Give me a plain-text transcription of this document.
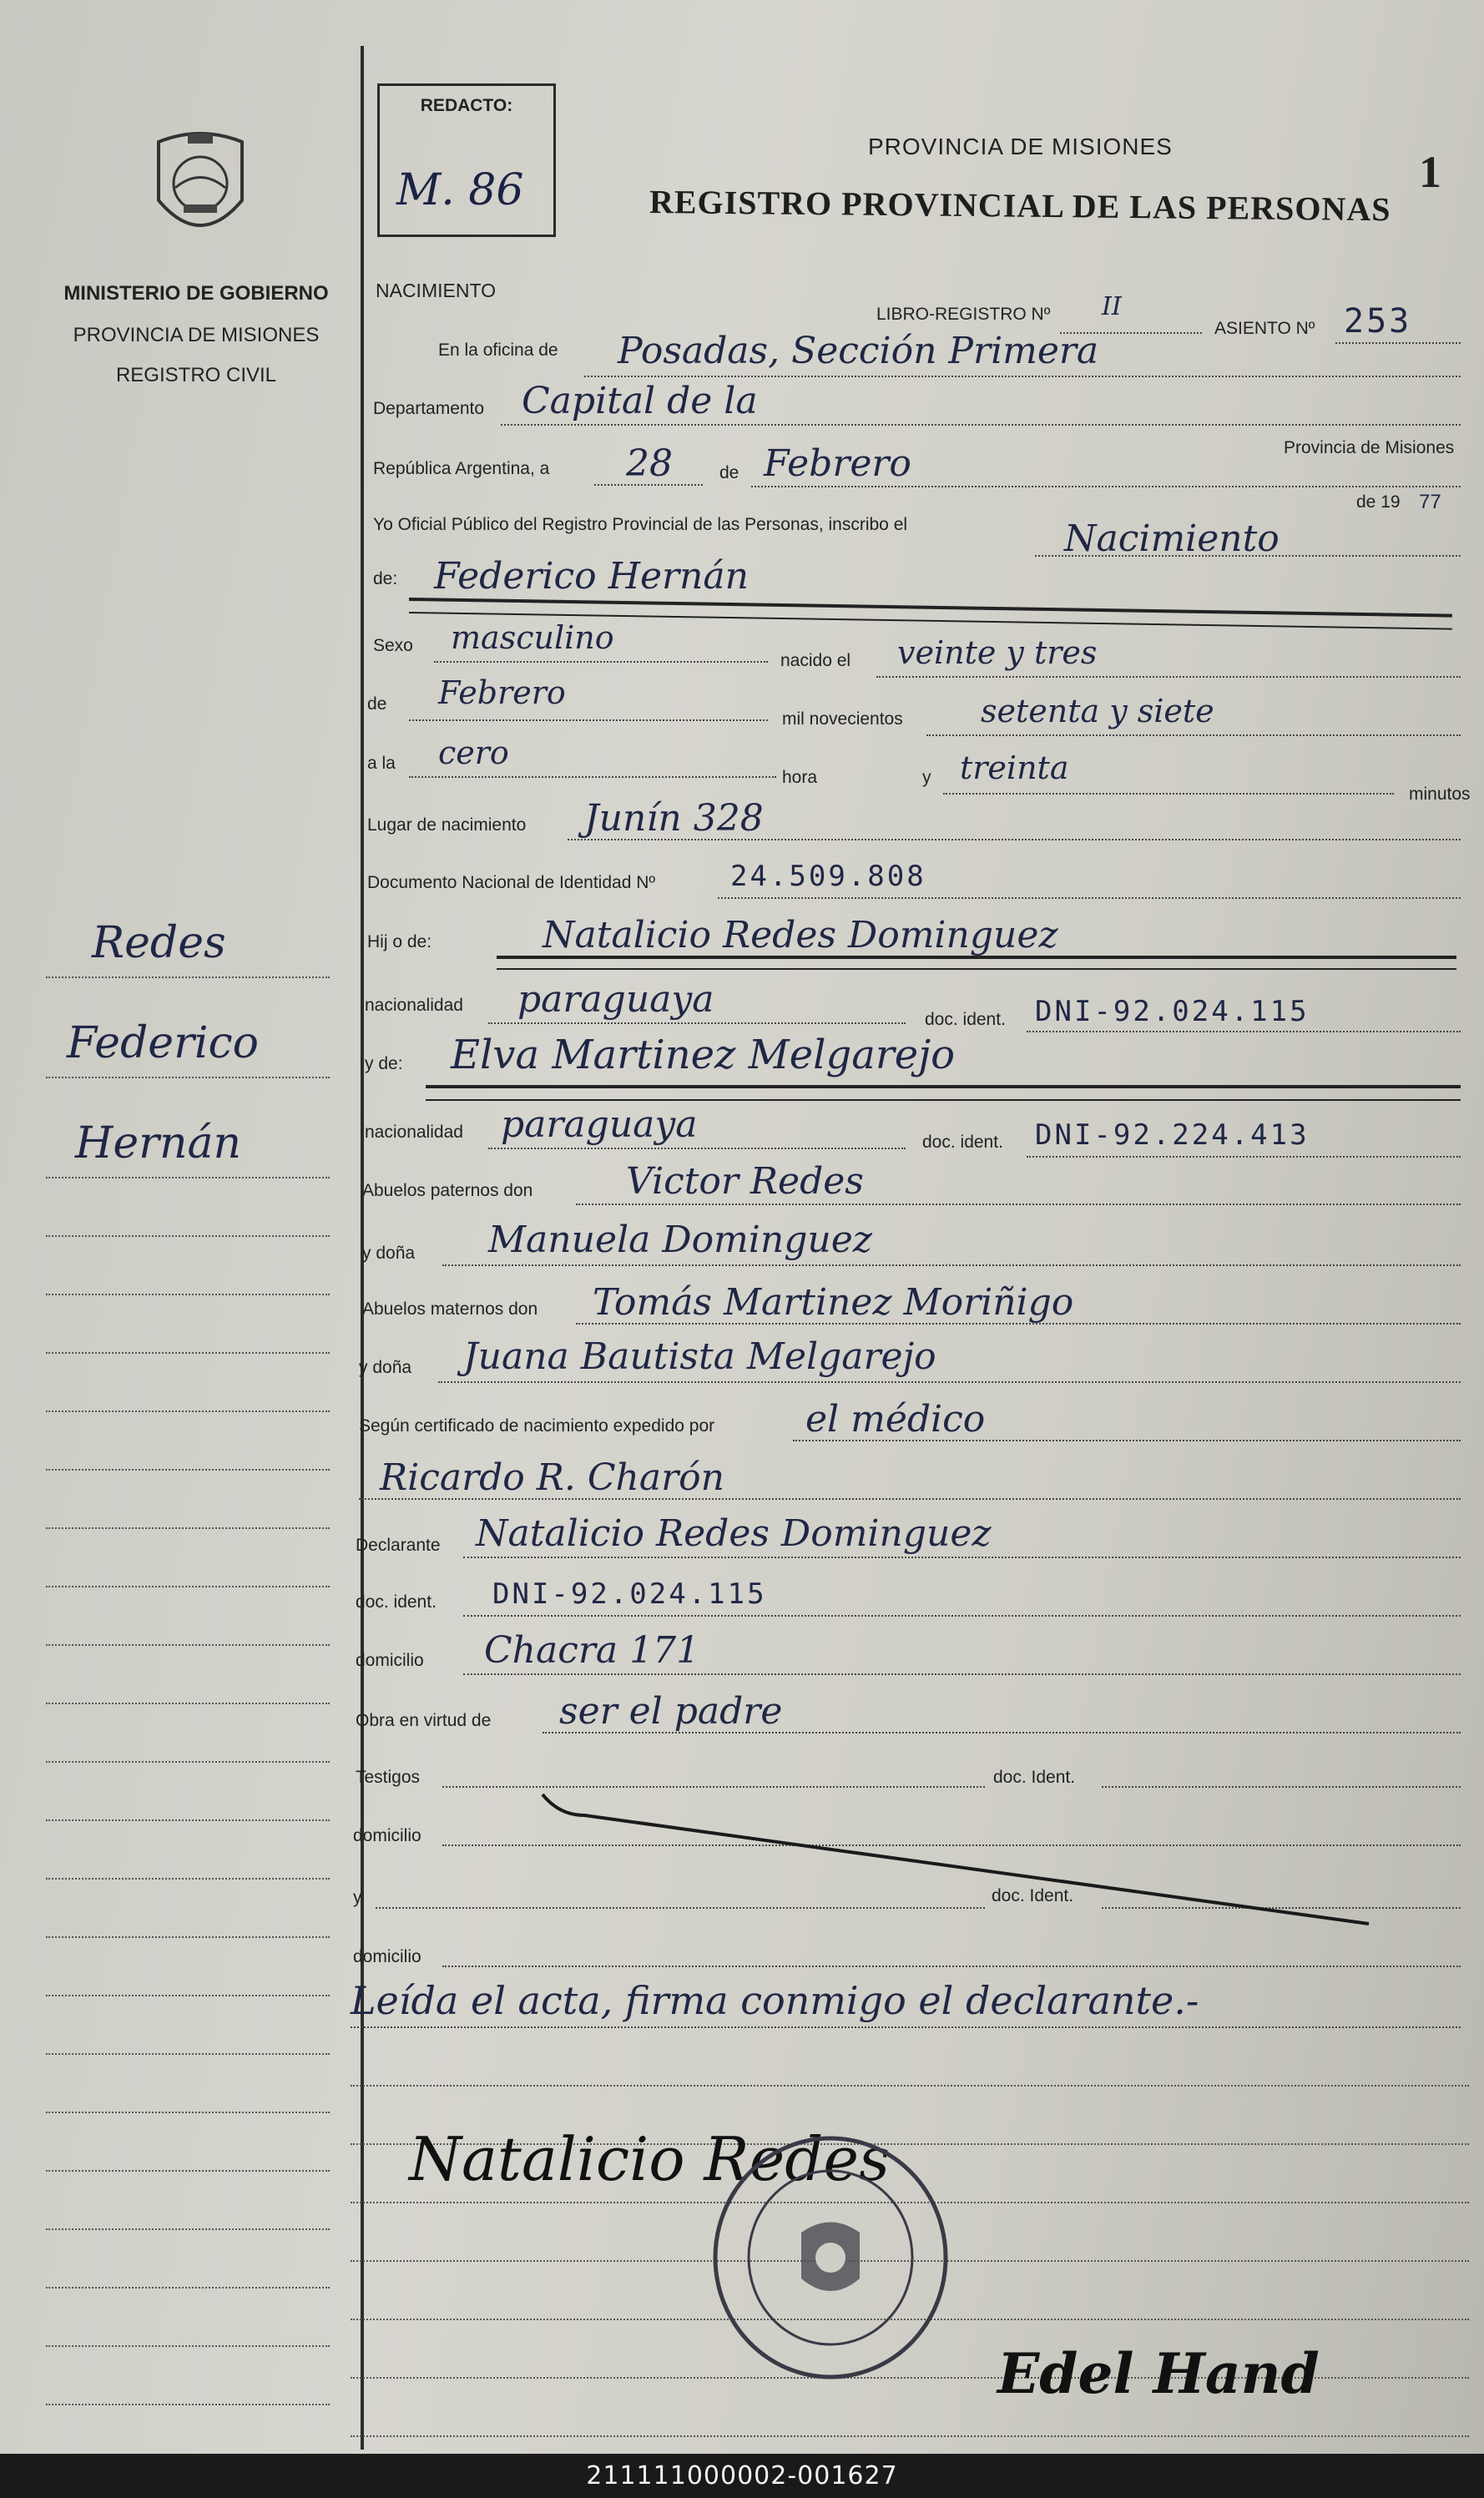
MINISTERIO DE GOBIERNO
PROVINCIA DE MISIONES
REGISTRO CIVIL
Redes
Federico
Hernán
REDACTO:
M. 86
PROVINCIA DE MISIONES
REGISTRO PROVINCIAL DE LAS PERSONAS
1
NACIMIENTO
LIBRO-REGISTRO Nº II
ASIENTO Nº 253
En la oficina de Posadas, Sección Primera
Departamento Capital de la
Provincia de Misiones
República Argentina, a 28	de Febrero
de 19 77
Yo Oficial Público del Registro Provincial de las Personas, inscribo el	Nacimiento
de: Federico Hernán
Sexo masculino
nacido el veinte y tres
de Febrero
mil novecientos setenta y siete
a la cero
hora	y treinta
minutos
Lugar de nacimiento Junín 328
Documento Nacional de Identidad Nº	24.509.808
Hij o de:	Natalicio Redes Dominguez
nacionalidad paraguaya	doc. ident. DNI-92.024.115
y de: Elva Martinez Melgarejo
nacionalidad paraguaya	doc. ident. DNI-92.224.413
Abuelos paternos don	Victor Redes
y doña Manuela Dominguez
Abuelos maternos don Tomás Martinez Moriñigo
y doña Juana Bautista Melgarejo
Según certificado de nacimiento expedido por el médico
Ricardo R. Charón
Declarante Natalicio Redes Dominguez
doc. ident. DNI-92.024.115
domicilio Chacra 171
Obra en virtud de ser el padre
Testigos	doc. Ident.
domicilio
y	doc. Ident.
domicilio
Leída el acta, firma conmigo el declarante.-
Natalicio Redes
Edel Hand
211111000002-001627
